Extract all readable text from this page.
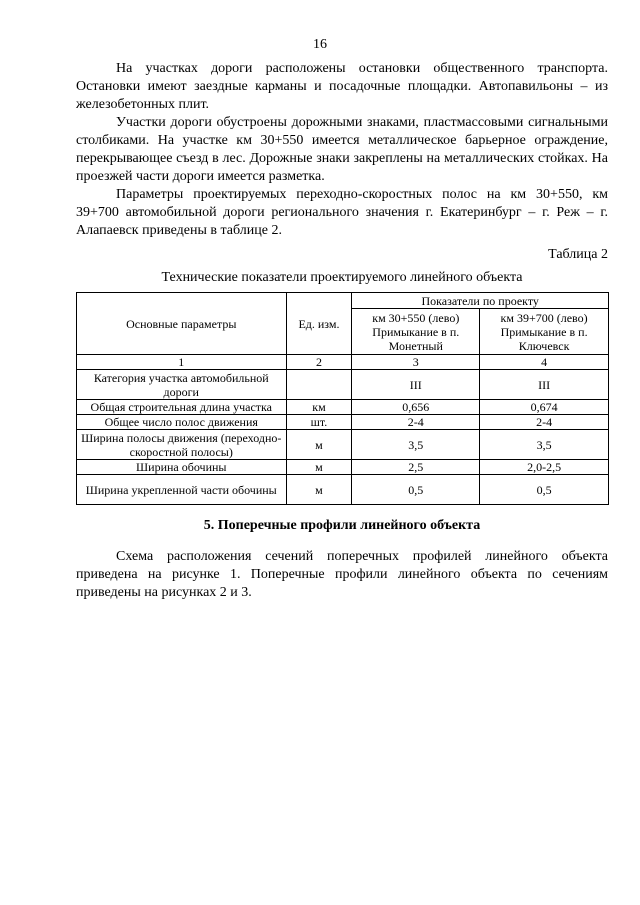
16

На участках дороги расположены остановки общественного транспорта. Остановки имеют заездные карманы и посадочные площадки. Автопавильоны – из железобетонных плит.

Участки дороги обустроены дорожными знаками, пластмассовыми сигнальными столбиками. На участке км 30+550 имеется металлическое барьерное ограждение, перекрывающее съезд в лес. Дорожные знаки закреплены на металлических стойках. На проезжей части дороги имеется разметка.

Параметры проектируемых переходно-скоростных полос на км 30+550, км 39+700 автомобильной дороги регионального значения г. Екатеринбург – г. Реж – г. Алапаевск приведены в таблице 2.

Таблица 2
Технические показатели проектируемого линейного объекта
Основные параметры	Ед. изм.	Показатели по проекту	
		км 30+550 (лево) Примыкание в п. Монетный	км 39+700 (лево) Примыкание в п. Ключевск
1	2	3	4
Категория участка автомобильной дороги		III	III
Общая строительная длина участка	км	0,656	0,674
Общее число полос движения	шт.	2-4	2-4
Ширина полосы движения (переходно-скоростной полосы)	м	3,5	3,5
Ширина обочины	м	2,5	2,0-2,5
Ширина укрепленной части обочины	м	0,5	0,5
5. Поперечные профили линейного объекта

Схема расположения сечений поперечных профилей линейного объекта приведена на рисунке 1. Поперечные профили линейного объекта по сечениям приведены на рисунках 2 и 3.
